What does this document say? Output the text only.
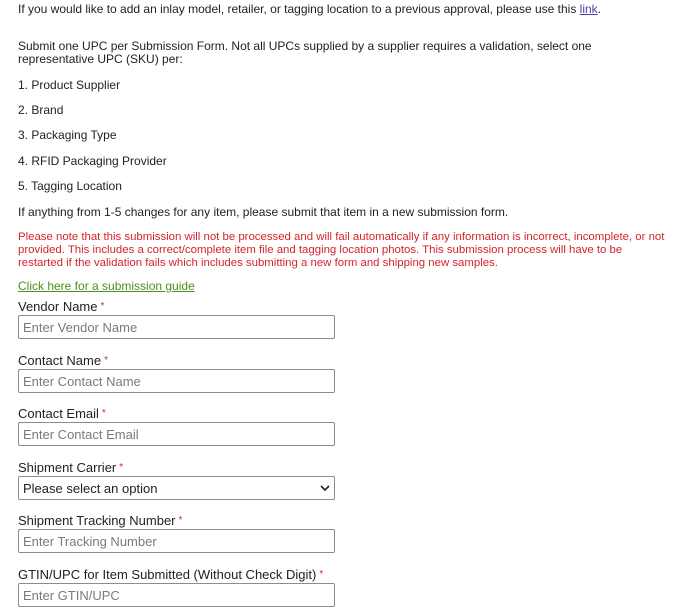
If you would like to add an inlay model, retailer, or tagging location to a previous approval, please use this link.
Submit one UPC per Submission Form. Not all UPCs supplied by a supplier requires a validation, select one representative UPC (SKU) per:
1. Product Supplier
2. Brand
3. Packaging Type
4. RFID Packaging Provider
5. Tagging Location
If anything from 1-5 changes for any item, please submit that item in a new submission form.
Please note that this submission will not be processed and will fail automatically if any information is incorrect, incomplete, or not provided. This includes a correct/complete item file and tagging location photos. This submission process will have to be restarted if the validation fails which includes submitting a new form and shipping new samples.
Click here for a submission guide
Vendor Name *
Enter Vendor Name
Contact Name *
Enter Contact Name
Contact Email *
Enter Contact Email
Shipment Carrier *
Please select an option
Shipment Tracking Number *
Enter Tracking Number
GTIN/UPC for Item Submitted (Without Check Digit) *
Enter GTIN/UPC
